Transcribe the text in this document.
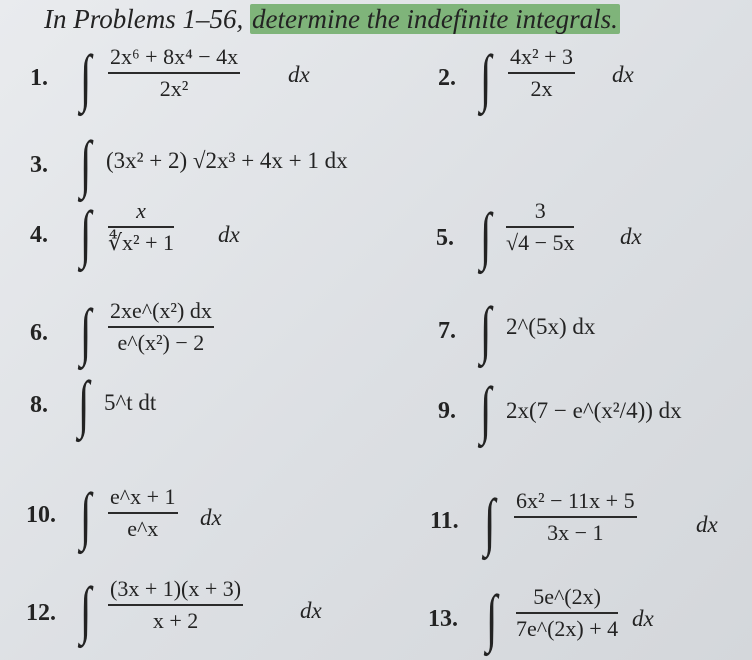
In Problems 1–56, determine the indefinite integrals.
1. ∫ 2x⁶ + 8x⁴ − 4x
2x²
dx	2. ∫ 4x² + 3
2x
dx
3. ∫ (3x² + 2) √2x³ + 4x + 1 dx
4. ∫	x
∜x² + 1 dx	5. ∫	3
√4 − 5x dx
6. ∫ 2xe^(x²) dx
e^(x²) − 2	7. ∫ 2^(5x) dx
8. ∫ 5^t dt	9. ∫ 2x(7 − e^(x²/4)) dx
10. ∫ e^x + 1
e^x	dx	11. ∫ 6x² − 11x + 5
3x − 1	dx
12. ∫ (3x + 1)(x + 3)
x + 2	dx	13. ∫	5e^(2x)
7e^(2x) + 4 dx
